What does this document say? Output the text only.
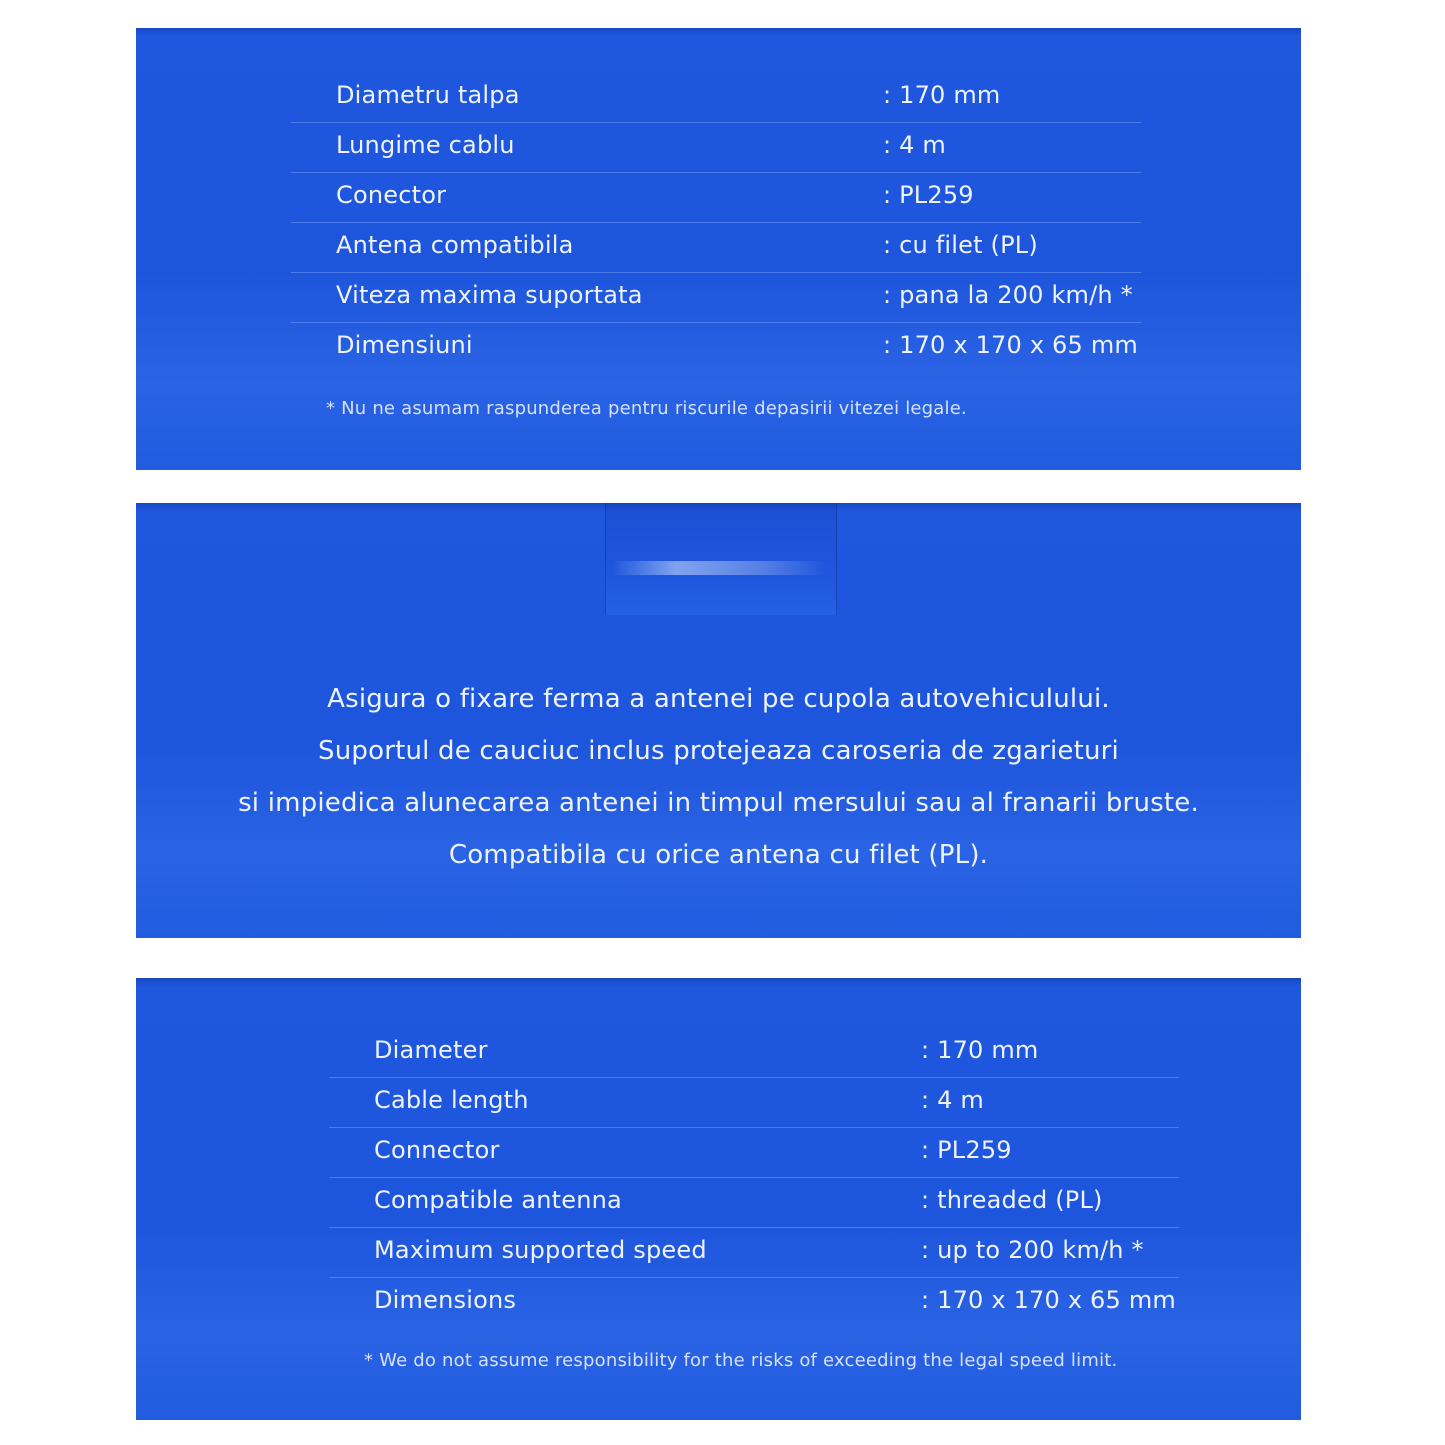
Diametru talpa	: 170 mm
Lungime cablu	: 4 m
Conector	: PL259
Antena compatibila	: cu filet (PL)
Viteza maxima suportata	: pana la 200 km/h *
Dimensiuni	: 170 x 170 x 65 mm
* Nu ne asumam raspunderea pentru riscurile depasirii vitezei legale.
Asigura o fixare ferma a antenei pe cupola autovehiculului.
Suportul de cauciuc inclus protejeaza caroseria de zgarieturi
si impiedica alunecarea antenei in timpul mersului sau al franarii bruste.
Compatibila cu orice antena cu filet (PL).
Diameter	: 170 mm
Cable length	: 4 m
Connector	: PL259
Compatible antenna	: threaded (PL)
Maximum supported speed	: up to 200 km/h *
Dimensions	: 170 x 170 x 65 mm
* We do not assume responsibility for the risks of exceeding the legal speed limit.
